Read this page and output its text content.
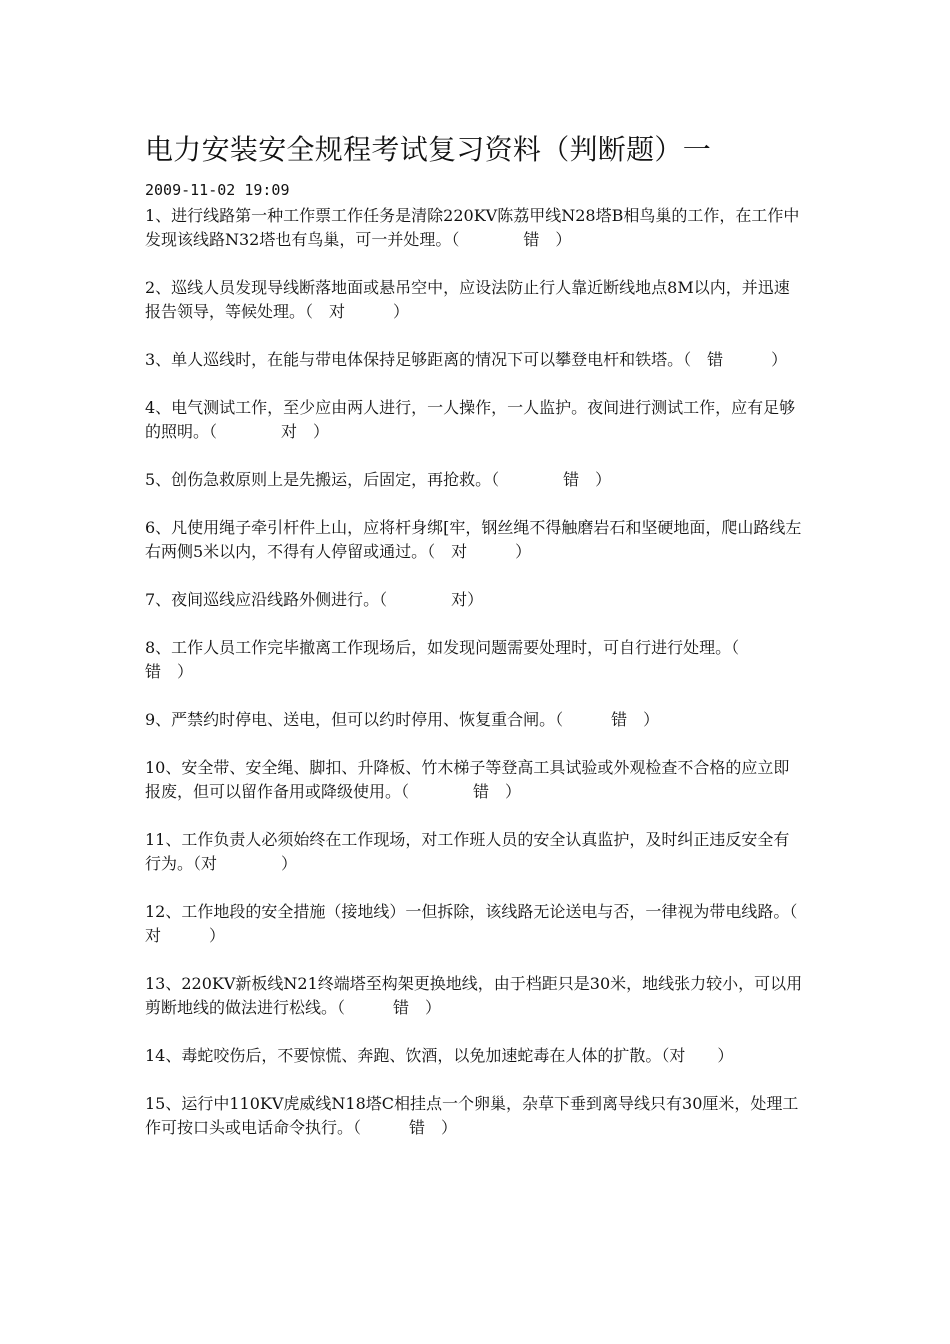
电力安装安全规程考试复习资料（判断题）一
2009-11-02 19:09

1、进行线路第一种工作票工作任务是清除220KV陈荔甲线N28塔B相鸟巢的工作，在工作中发现该线路N32塔也有鸟巢，可一并处理。（　　　　错　）

2、巡线人员发现导线断落地面或悬吊空中，应设法防止行人靠近断线地点8M以内，并迅速报告领导，等候处理。（　对　　　）

3、单人巡线时，在能与带电体保持足够距离的情况下可以攀登电杆和铁塔。（　错　　　）

4、电气测试工作，至少应由两人进行，一人操作，一人监护。夜间进行测试工作，应有足够的照明。（　　　　对　）

5、创伤急救原则上是先搬运，后固定，再抢救。（　　　　错　）

6、凡使用绳子牵引杆件上山，应将杆身绑[牢，钢丝绳不得触磨岩石和坚硬地面，爬山路线左右两侧5米以内，不得有人停留或通过。（　对　　　）

7、夜间巡线应沿线路外侧进行。（　　　　对）

8、工作人员工作完毕撤离工作现场后，如发现问题需要处理时，可自行进行处理。（　　　错　）

9、严禁约时停电、送电，但可以约时停用、恢复重合闸。（　　　错　）

10、安全带、安全绳、脚扣、升降板、竹木梯子等登高工具试验或外观检查不合格的应立即报废，但可以留作备用或降级使用。（　　　　错　）

11、工作负责人必须始终在工作现场，对工作班人员的安全认真监护，及时纠正违反安全有行为。（对　　　　）

12、工作地段的安全措施（接地线）一但拆除，该线路无论送电与否，一律视为带电线路。（　对　　　）

13、220KV新板线N21终端塔至构架更换地线，由于档距只是30米，地线张力较小，可以用剪断地线的做法进行松线。（　　　错　）

14、毒蛇咬伤后，不要惊慌、奔跑、饮酒，以免加速蛇毒在人体的扩散。（对　　）

15、运行中110KV虎威线N18塔C相挂点一个卵巢，杂草下垂到离导线只有30厘米，处理工作可按口头或电话命令执行。（　　　错　）
